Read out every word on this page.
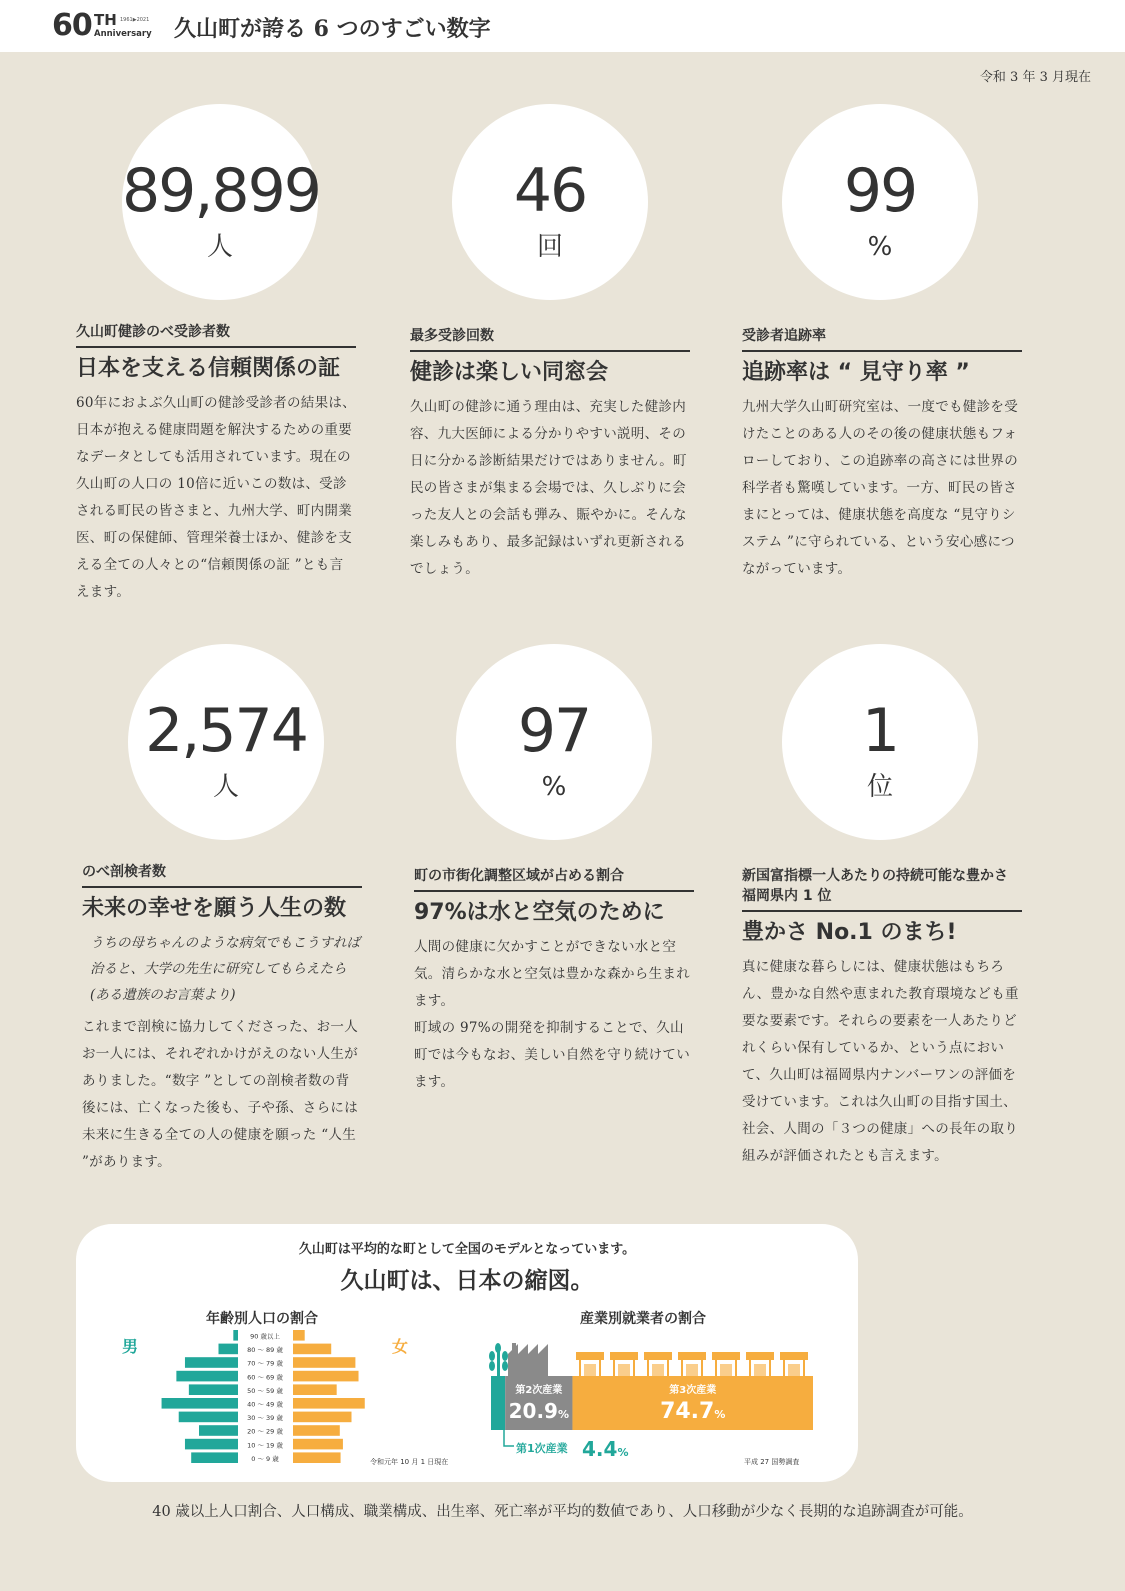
60 TH 1961▶2021
Anniversary 久山町が誇る 6 つのすごい数字
令和 3 年 3 月現在
89,899
人
46
回
99
%
2,574
人
97
%
1
位
久山町健診のべ受診者数
日本を支える信頼関係の証
60年におよぶ久山町の健診受診者の結果は、日本が抱える健康問題を解決するための重要なデータとしても活用されています。現在の久山町の人口の 10倍に近いこの数は、受診される町民の皆さまと、九州大学、町内開業医、町の保健師、管理栄養士ほか、健診を支える全ての人々との“信頼関係の証 ”とも言えます。
最多受診回数
健診は楽しい同窓会
久山町の健診に通う理由は、充実した健診内容、九大医師による分かりやすい説明、その日に分かる診断結果だけではありません。町民の皆さまが集まる会場では、久しぶりに会った友人との会話も弾み、賑やかに。そんな楽しみもあり、最多記録はいずれ更新されるでしょう。
受診者追跡率
追跡率は “ 見守り率 ”
九州大学久山町研究室は、一度でも健診を受けたことのある人のその後の健康状態もフォローしており、この追跡率の高さには世界の科学者も驚嘆しています。一方、町民の皆さまにとっては、健康状態を高度な “見守りシステム ”に守られている、という安心感につながっています。
のべ剖検者数
未来の幸せを願う人生の数
うちの母ちゃんのような病気でもこうすれば治ると、大学の先生に研究してもらえたら　(ある遺族のお言葉より)
これまで剖検に協力してくださった、お一人お一人には、それぞれかけがえのない人生がありました。“数字 ”としての剖検者数の背後には、亡くなった後も、子や孫、さらには未来に生きる全ての人の健康を願った “人生 ”があります。
町の市街化調整区域が占める割合
97%は水と空気のために
人間の健康に欠かすことができない水と空気。清らかな水と空気は豊かな森から生まれます。
町域の 97%の開発を抑制することで、久山町では今もなお、美しい自然を守り続けています。
新国富指標一人あたりの持続可能な豊かさ 福岡県内 1 位
豊かさ No.1 のまち!
真に健康な暮らしには、健康状態はもちろん、豊かな自然や恵まれた教育環境なども重要な要素です。それらの要素を一人あたりどれくらい保有しているか、という点において、久山町は福岡県内ナンバーワンの評価を受けています。これは久山町の目指す国土、社会、人間の「３つの健康」への長年の取り組みが評価されたとも言えます。
久山町は平均的な町として全国のモデルとなっています。
久山町は、日本の縮図。
年齢別人口の割合	産業別就業者の割合
男	女
90 歳以上
80 ～ 89 歳
70 ～ 79 歳
60 ～ 69 歳
50 ～ 59 歳
40 ～ 49 歳
30 ～ 39 歳
20 ～ 29 歳
10 ～ 19 歳
0 ～ 9 歳	令和元年 10 月 1 日現在
第2次産業
20.9%
第3次産業
74.7%
第1次産業 4.4%
平成 27 国勢調査
40 歳以上人口割合、人口構成、職業構成、出生率、死亡率が平均的数値であり、人口移動が少なく長期的な追跡調査が可能。
